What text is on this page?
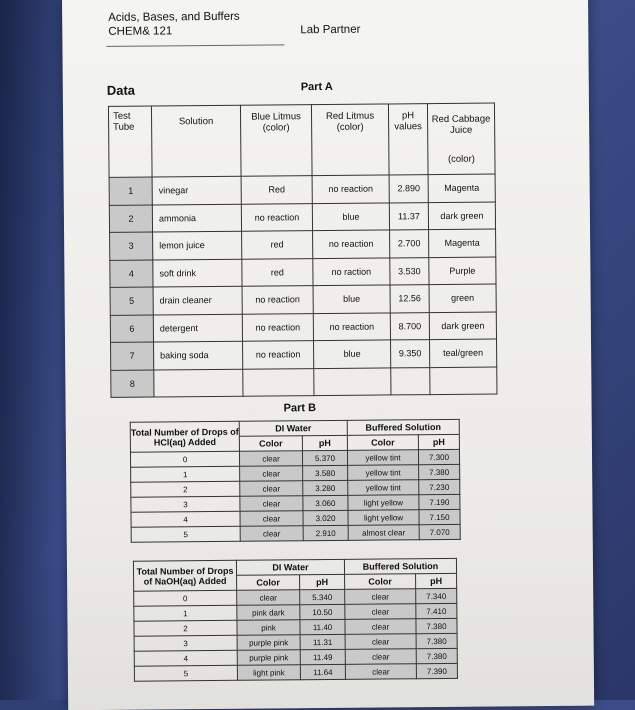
Acids, Bases, and Buffers
CHEM& 121	Lab Partner
Data	Part A
Test Tube	Solution	Blue Litmus (color)	Red Litmus (color)	pH values	Red Cabbage Juice
(color)

1	vinegar	Red	no reaction	2.890	Magenta
2	ammonia	no reaction	blue	11.37	dark green
3	lemon juice	red	no reaction	2.700	Magenta
4	soft drink	red	no raction	3.530	Purple
5	drain cleaner	no reaction	blue	12.56	green
6	detergent	no reaction	no reaction	8.700	dark green
7	baking soda	no reaction	blue	9.350	teal/green
8					
Part B
Total Number of Drops of HCl(aq) Added	DI Water		Buffered Solution	
	Color	pH	Color	pH
0	clear	5.370	yellow tint	7.300
1	clear	3.580	yellow tint	7.380
2	clear	3.280	yellow tint	7.230
3	clear	3.060	light yellow	7.190
4	clear	3.020	light yellow	7.150
5	clear	2.910	almost clear	7.070
Total Number of Drops of NaOH(aq) Added	DI Water		Buffered Solution	
	Color	pH	Color	pH
0	clear	5.340	clear	7.340
1	pink dark	10.50	clear	7.410
2	pink	11.40	clear	7.380
3	purple pink	11.31	clear	7.380
4	purple pink	11.49	clear	7.380
5	light pink	11.64	clear	7.390
